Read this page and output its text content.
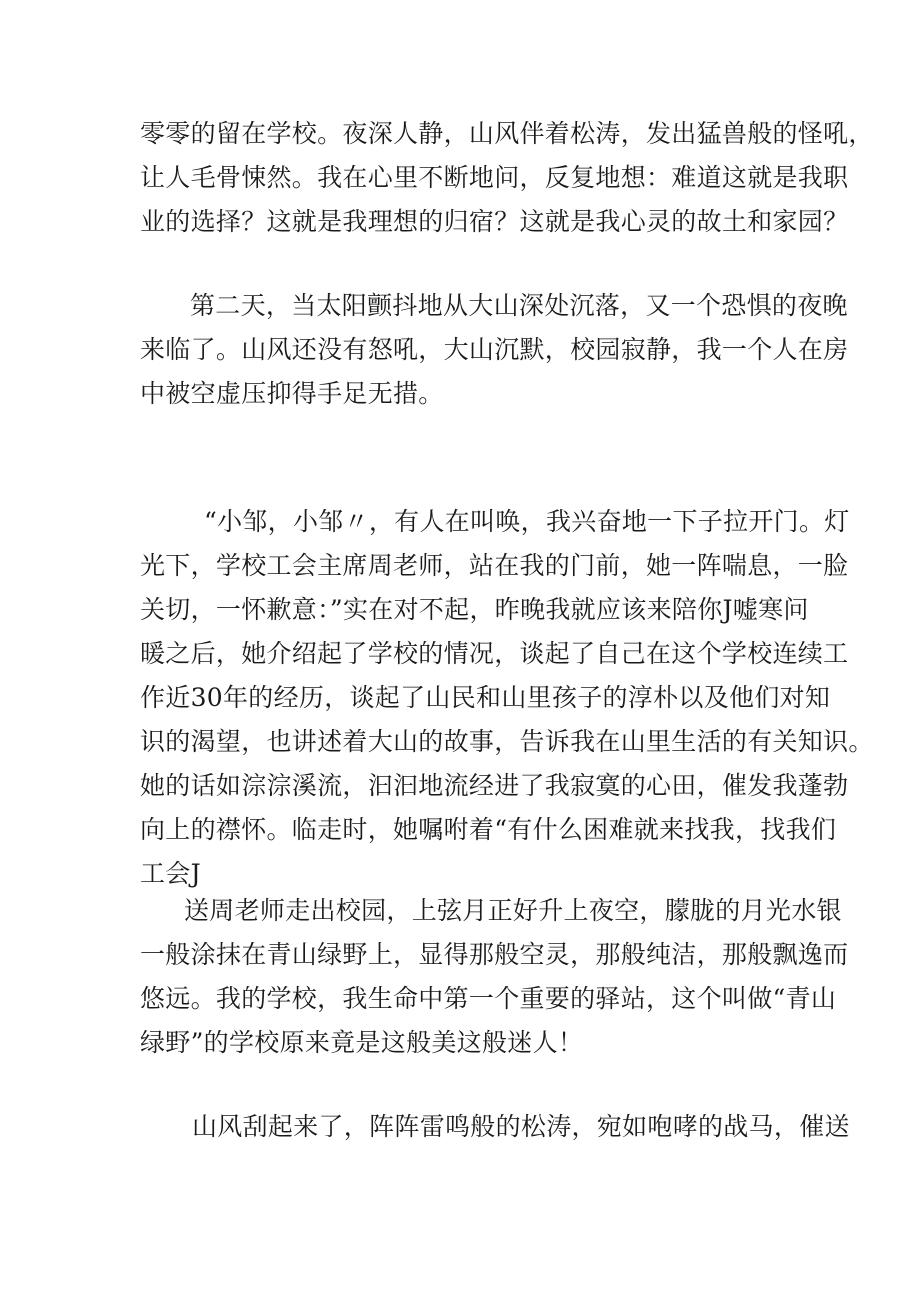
零零的留在学校。夜深人静，山风伴着松涛，发出猛兽般的怪吼，
让人毛骨悚然。我在心里不断地问，反复地想：难道这就是我职
业的选择？这就是我理想的归宿？这就是我心灵的故土和家园？
第二天，当太阳颤抖地从大山深处沉落，又一个恐惧的夜晚
来临了。山风还没有怒吼，大山沉默，校园寂静，我一个人在房
中被空虚压抑得手足无措。
“小邹，小邹〃，有人在叫唤，我兴奋地一下子拉开门。灯
光下，学校工会主席周老师，站在我的门前，她一阵喘息，一脸
关切，一怀歉意：”实在对不起，昨晚我就应该来陪你J嘘寒问
暖之后，她介绍起了学校的情况，谈起了自己在这个学校连续工
作近30年的经历，谈起了山民和山里孩子的淳朴以及他们对知
识的渴望，也讲述着大山的故事，告诉我在山里生活的有关知识。
她的话如淙淙溪流，汩汩地流经进了我寂寞的心田，催发我蓬勃
向上的襟怀。临走时，她嘱咐着“有什么困难就来找我，找我们
工会J
送周老师走出校园，上弦月正好升上夜空，朦胧的月光水银
一般涂抹在青山绿野上，显得那般空灵，那般纯洁，那般飘逸而
悠远。我的学校，我生命中第一个重要的驿站，这个叫做“青山
绿野”的学校原来竟是这般美这般迷人！
山风刮起来了，阵阵雷鸣般的松涛，宛如咆哮的战马，催送
